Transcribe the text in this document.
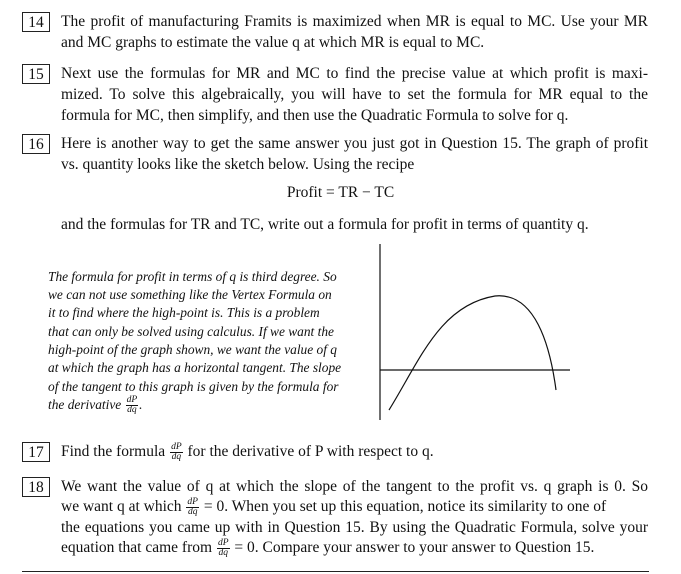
14	The profit of manufacturing Framits is maximized when MR is equal to MC. Use your MR
and MC graphs to estimate the value q at which MR is equal to MC.
15	Next use the formulas for MR and MC to find the precise value at which profit is maxi-
mized. To solve this algebraically, you will have to set the formula for MR equal to the
formula for MC, then simplify, and then use the Quadratic Formula to solve for q.
16	Here is another way to get the same answer you just got in Question 15. The graph of profit
vs. quantity looks like the sketch below. Using the recipe
Profit = TR − TC
and the formulas for TR and TC, write out a formula for profit in terms of quantity q.
The formula for profit in terms of q is third degree. So
we can not use something like the Vertex Formula on
it to find where the high-point is. This is a problem
that can only be solved using calculus. If we want the
high-point of the graph shown, we want the value of q
at which the graph has a horizontal tangent. The slope
of the tangent to this graph is given by the formula for
the derivative $\frac{dP}{dq}$ .
17	Find the formula $\frac{dP}{dq}$ for the derivative of P with respect to q.
18	We want the value of q at which the slope of the tangent to the profit vs. q graph is 0. So
we want q at which $\frac{dP}{dq} = 0$. When you set up this equation, notice its similarity to one of
the equations you came up with in Question 15. By using the Quadratic Formula, solve your
equation that came from $\frac{dP}{dq} = 0$. Compare your answer to your answer to Question 15.
